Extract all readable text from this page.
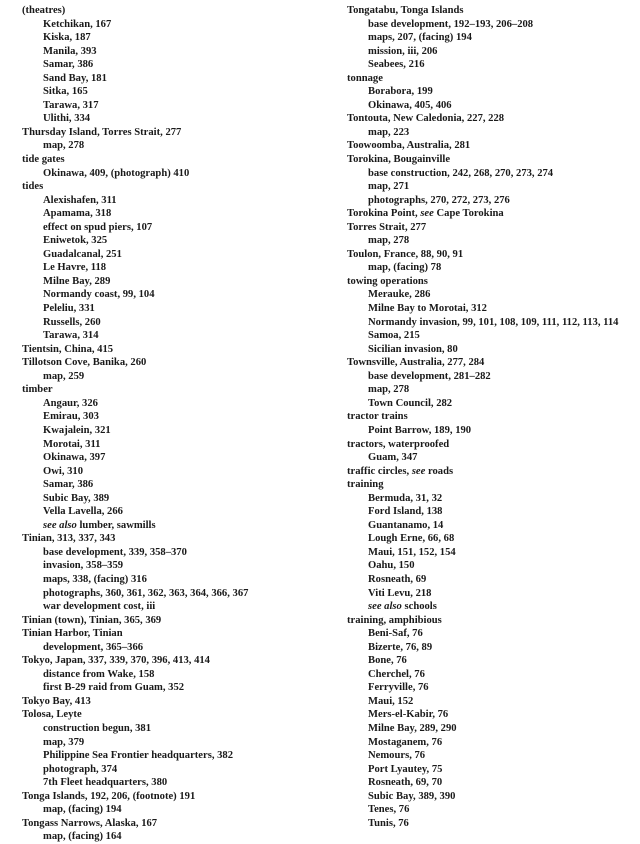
(theatres)
Ketchikan, 167
Kiska, 187
Manila, 393
Samar, 386
Sand Bay, 181
Sitka, 165
Tarawa, 317
Ulithi, 334
Thursday Island, Torres Strait, 277
map, 278
tide gates
Okinawa, 409, (photograph) 410
tides
Alexishafen, 311
Apamama, 318
effect on spud piers, 107
Eniwetok, 325
Guadalcanal, 251
Le Havre, 118
Milne Bay, 289
Normandy coast, 99, 104
Peleliu, 331
Russells, 260
Tarawa, 314
Tientsin, China, 415
Tillotson Cove, Banika, 260
map, 259
timber
Angaur, 326
Emirau, 303
Kwajalein, 321
Morotai, 311
Okinawa, 397
Owi, 310
Samar, 386
Subic Bay, 389
Vella Lavella, 266
see also lumber, sawmills
Tinian, 313, 337, 343
base development, 339, 358–370
invasion, 358–359
maps, 338, (facing) 316
photographs, 360, 361, 362, 363, 364, 366, 367
war development cost, iii
Tinian (town), Tinian, 365, 369
Tinian Harbor, Tinian
development, 365–366
Tokyo, Japan, 337, 339, 370, 396, 413, 414
distance from Wake, 158
first B-29 raid from Guam, 352
Tokyo Bay, 413
Tolosa, Leyte
construction begun, 381
map, 379
Philippine Sea Frontier headquarters, 382
photograph, 374
7th Fleet headquarters, 380
Tonga Islands, 192, 206, (footnote) 191
map, (facing) 194
Tongass Narrows, Alaska, 167
map, (facing) 164
Tongatabu, Tonga Islands
base development, 192–193, 206–208
maps, 207, (facing) 194
mission, iii, 206
Seabees, 216
tonnage
Borabora, 199
Okinawa, 405, 406
Tontouta, New Caledonia, 227, 228
map, 223
Toowoomba, Australia, 281
Torokina, Bougainville
base construction, 242, 268, 270, 273, 274
map, 271
photographs, 270, 272, 273, 276
Torokina Point, see Cape Torokina
Torres Strait, 277
map, 278
Toulon, France, 88, 90, 91
map, (facing) 78
towing operations
Merauke, 286
Milne Bay to Morotai, 312
Normandy invasion, 99, 101, 108, 109, 111, 112, 113, 114
Samoa, 215
Sicilian invasion, 80
Townsville, Australia, 277, 284
base development, 281–282
map, 278
Town Council, 282
tractor trains
Point Barrow, 189, 190
tractors, waterproofed
Guam, 347
traffic circles, see roads
training
Bermuda, 31, 32
Ford Island, 138
Guantanamo, 14
Lough Erne, 66, 68
Maui, 151, 152, 154
Oahu, 150
Rosneath, 69
Viti Levu, 218
see also schools
training, amphibious
Beni-Saf, 76
Bizerte, 76, 89
Bone, 76
Cherchel, 76
Ferryville, 76
Maui, 152
Mers-el-Kabir, 76
Milne Bay, 289, 290
Mostaganem, 76
Nemours, 76
Port Lyautey, 75
Rosneath, 69, 70
Subic Bay, 389, 390
Tenes, 76
Tunis, 76
